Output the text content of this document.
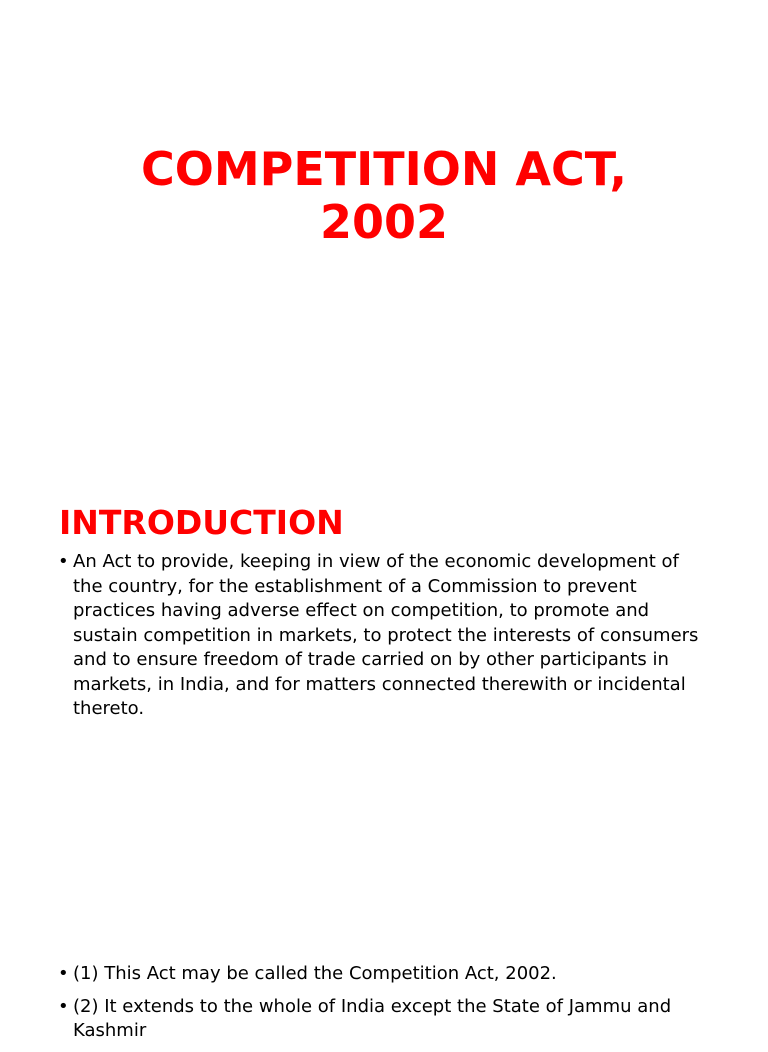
COMPETITION ACT,
2002
INTRODUCTION
• An Act to provide, keeping in view of the economic development of the country, for the establishment of a Commission to prevent practices having adverse effect on competition, to promote and sustain competition in markets, to protect the interests of consumers and to ensure freedom of trade carried on by other participants in markets, in India, and for matters connected therewith or incidental thereto.
• (1) This Act may be called the Competition Act, 2002.
• (2) It extends to the whole of India except the State of Jammu and Kashmir
